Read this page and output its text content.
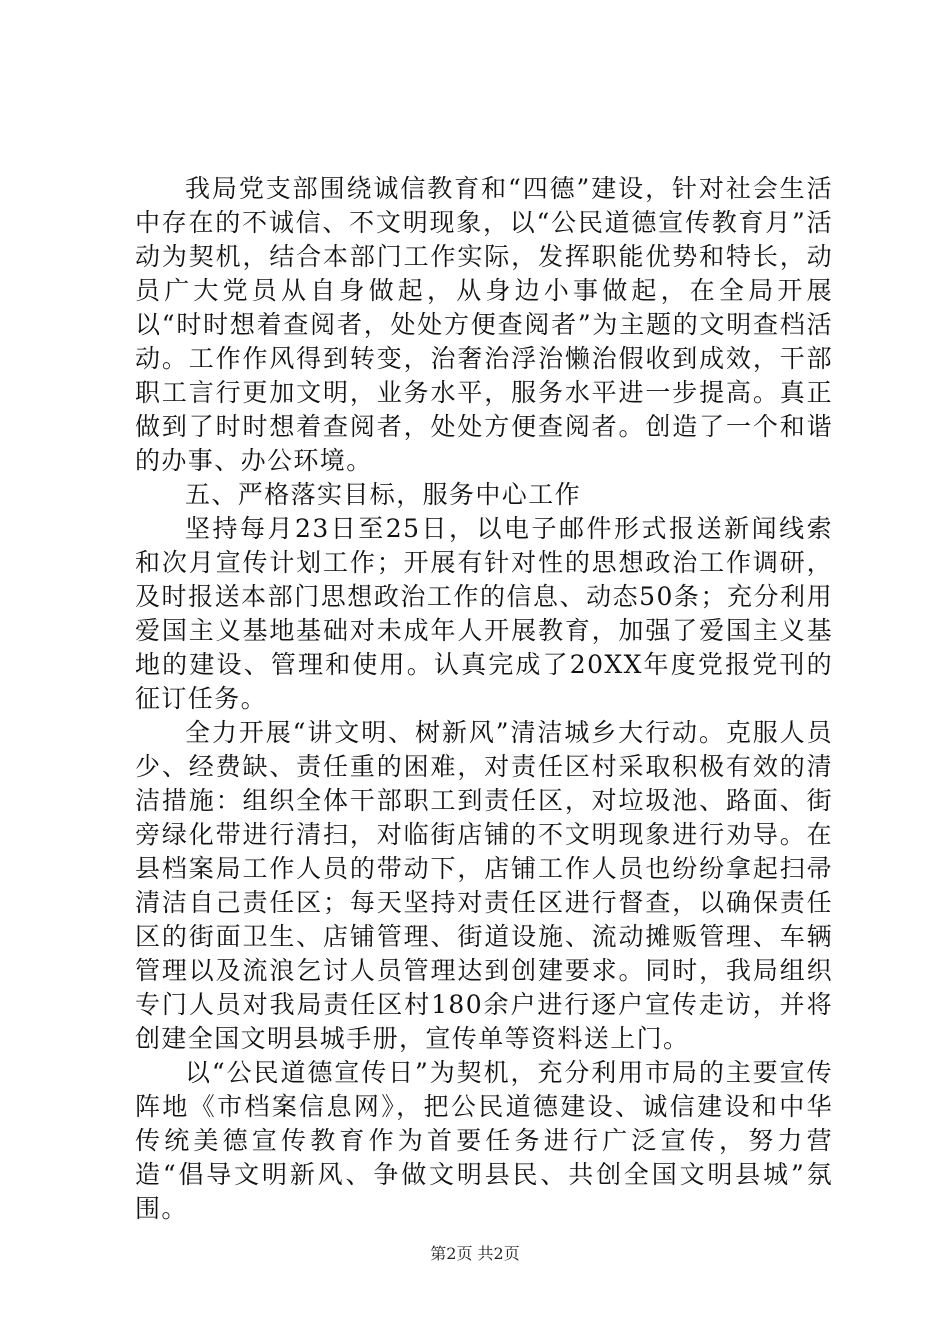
我局党支部围绕诚信教育和“四德”建设，针对社会生活中存在的不诚信、不文明现象，以“公民道德宣传教育月”活动为契机，结合本部门工作实际，发挥职能优势和特长，动员广大党员从自身做起，从身边小事做起，在全局开展以“时时想着查阅者，处处方便查阅者”为主题的文明查档活动。工作作风得到转变，治奢治浮治懒治假收到成效，干部职工言行更加文明，业务水平，服务水平进一步提高。真正做到了时时想着查阅者，处处方便查阅者。创造了一个和谐的办事、办公环境。

五、严格落实目标，服务中心工作

坚持每月23日至25日，以电子邮件形式报送新闻线索和次月宣传计划工作；开展有针对性的思想政治工作调研，及时报送本部门思想政治工作的信息、动态50条；充分利用爱国主义基地基础对未成年人开展教育，加强了爱国主义基地的建设、管理和使用。认真完成了20XX年度党报党刊的征订任务。

全力开展“讲文明、树新风”清洁城乡大行动。克服人员少、经费缺、责任重的困难，对责任区村采取积极有效的清洁措施：组织全体干部职工到责任区，对垃圾池、路面、街旁绿化带进行清扫，对临街店铺的不文明现象进行劝导。在县档案局工作人员的带动下，店铺工作人员也纷纷拿起扫帚清洁自己责任区；每天坚持对责任区进行督查，以确保责任区的街面卫生、店铺管理、街道设施、流动摊贩管理、车辆管理以及流浪乞讨人员管理达到创建要求。同时，我局组织专门人员对我局责任区村180余户进行逐户宣传走访，并将创建全国文明县城手册，宣传单等资料送上门。

以“公民道德宣传日”为契机，充分利用市局的主要宣传阵地《市档案信息网》，把公民道德建设、诚信建设和中华传统美德宣传教育作为首要任务进行广泛宣传，努力营造“倡导文明新风、争做文明县民、共创全国文明县城”氛围。

第2页 共2页
